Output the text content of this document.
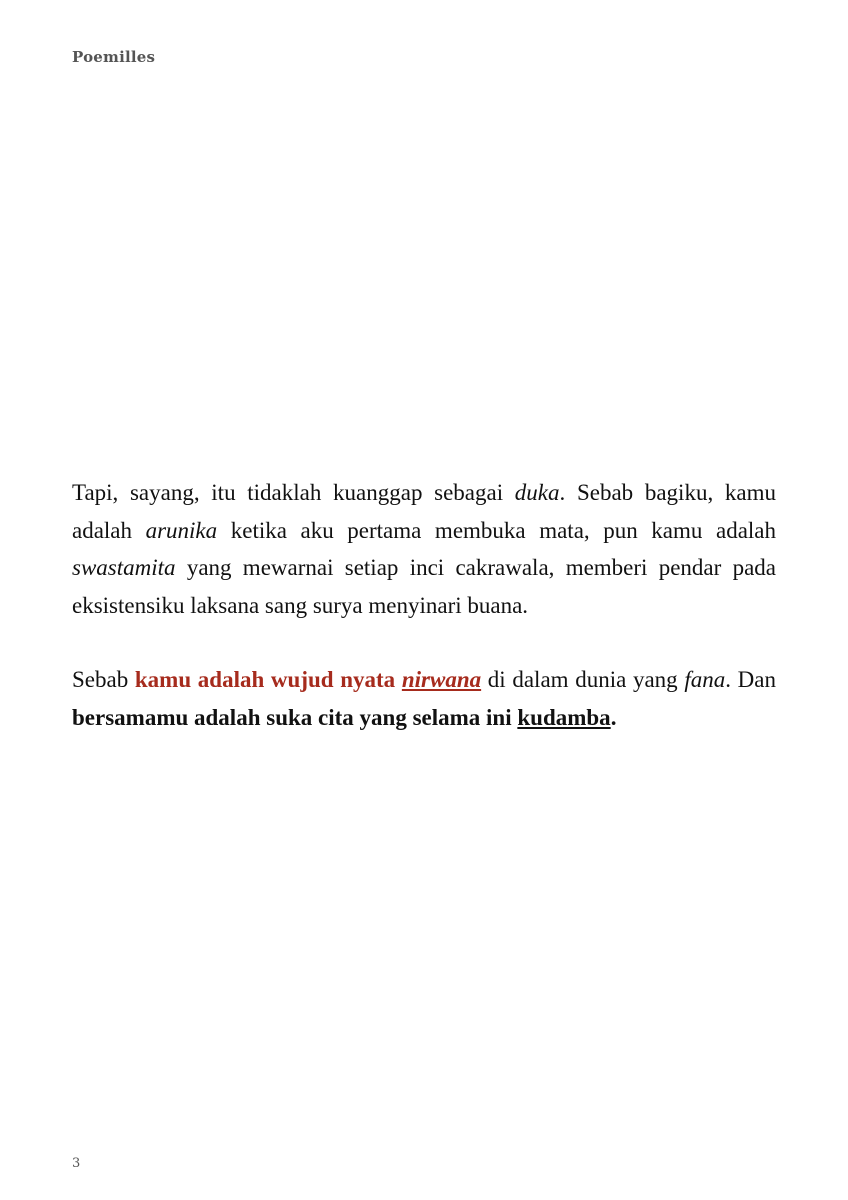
Poemilles

Tapi, sayang, itu tidaklah kuanggap sebagai duka. Sebab bagiku, kamu adalah arunika ketika aku pertama membuka mata, pun kamu adalah swastamita yang mewarnai setiap inci cakrawala, memberi pendar pada eksistensiku laksana sang surya menyinari buana.

Sebab kamu adalah wujud nyata nirwana di dalam dunia yang fana. Dan bersamamu adalah suka cita yang selama ini kudamba.

3
